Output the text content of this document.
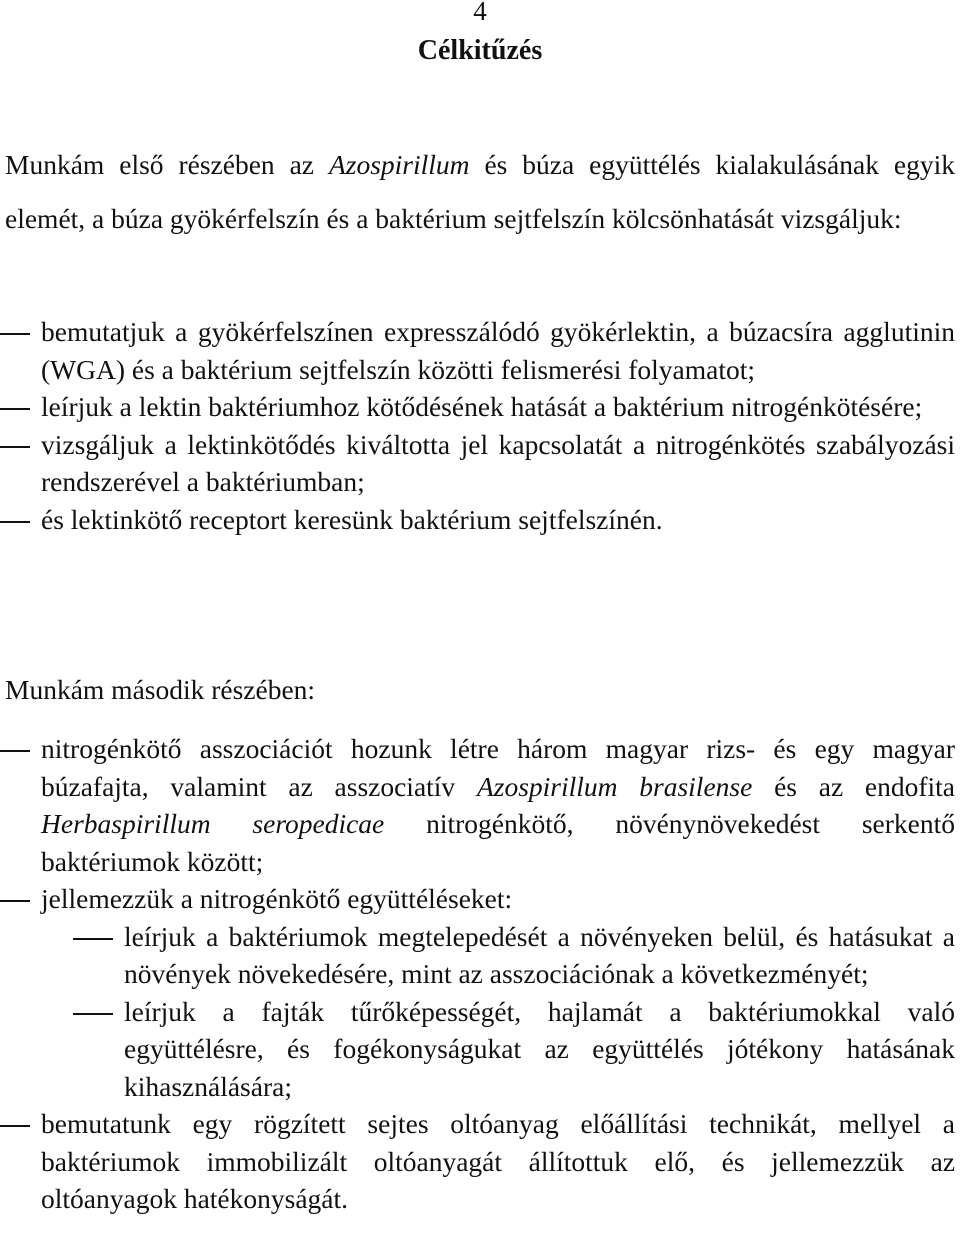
4
Célkitűzés
Munkám első részében az Azospirillum és búza együttélés kialakulásának egyik elemét, a búza gyökérfelszín és a baktérium sejtfelszín kölcsönhatását vizsgáljuk:
bemutatjuk a gyökérfelszínen expresszálódó gyökérlektin, a búzacsíra agglutinin (WGA) és a baktérium sejtfelszín közötti felismerési folyamatot;
leírjuk a lektin baktériumhoz kötődésének hatását a baktérium nitrogénkötésére;
vizsgáljuk a lektinkötődés kiváltotta jel kapcsolatát a nitrogénkötés szabályozási rendszerével a baktériumban;
és lektinkötő receptort keresünk baktérium sejtfelszínén.
Munkám második részében:
nitrogénkötő asszociációt hozunk létre három magyar rizs- és egy magyar búzafajta, valamint az asszociatív Azospirillum brasilense és az endofita Herbaspirillum seropedicae nitrogénkötő, növénynövekedést serkentő baktériumok között;
jellemezzük a nitrogénkötő együttéléseket:
leírjuk a baktériumok megtelepedését a növényeken belül, és hatásukat a növények növekedésére, mint az asszociációnak a következményét;
leírjuk a fajták tűrőképességét, hajlamát a baktériumokkal való együttélésre, és fogékonyságukat az együttélés jótékony hatásának kihasználására;
bemutatunk egy rögzített sejtes oltóanyag előállítási technikát, mellyel a baktériumok immobilizált oltóanyagát állítottuk elő, és jellemezzük az oltóanyagok hatékonyságát.
